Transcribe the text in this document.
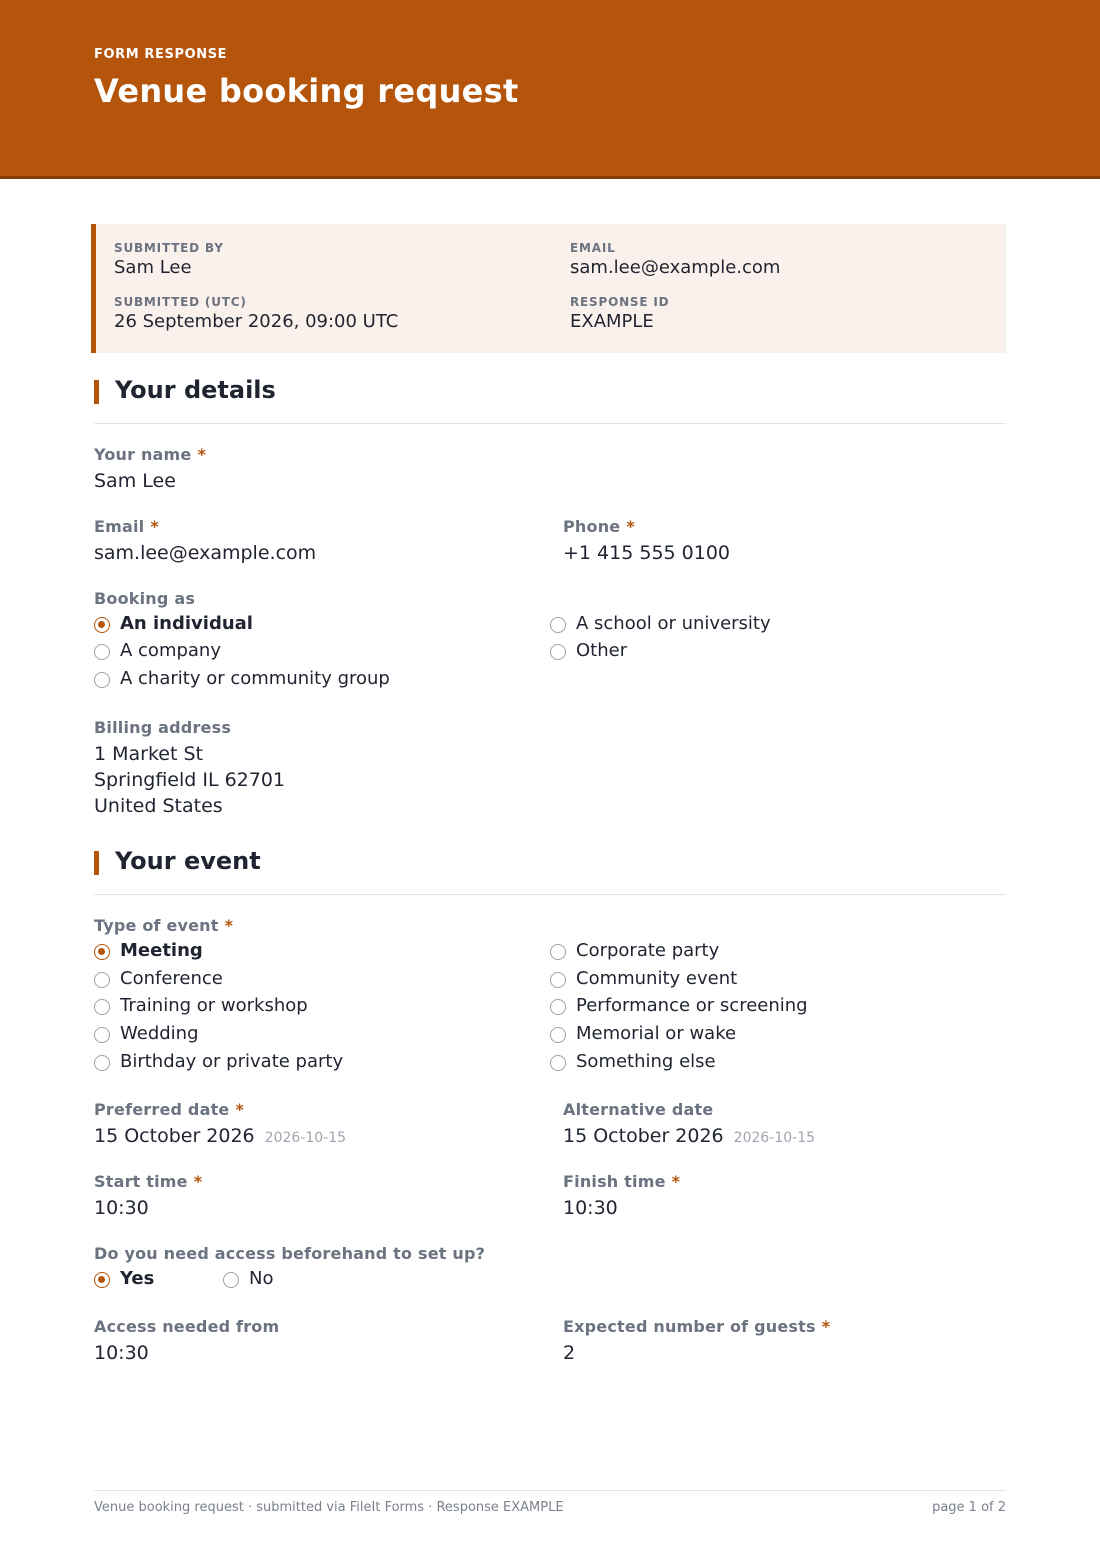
FORM RESPONSE
Venue booking request
SUBMITTED BY
Sam Lee
EMAIL
sam.lee@example.com
SUBMITTED (UTC)
26 September 2026, 09:00 UTC
RESPONSE ID
EXAMPLE
Your details
Your name *
Sam Lee
Email *
sam.lee@example.com
Phone *
+1 415 555 0100
Booking as
An individual
A company
A charity or community group
A school or university
Other
Billing address
1 Market St
Springfield IL 62701
United States
Your event
Type of event *
Meeting
Conference
Training or workshop
Wedding
Birthday or private party
Corporate party
Community event
Performance or screening
Memorial or wake
Something else
Preferred date *
15 October 2026 2026-10-15
Alternative date
15 October 2026 2026-10-15
Start time *
10:30
Finish time *
10:30
Do you need access beforehand to set up?
Yes	No
Access needed from
10:30
Expected number of guests *
2
Venue booking request · submitted via FileIt Forms · Response EXAMPLE	page 1 of 2
